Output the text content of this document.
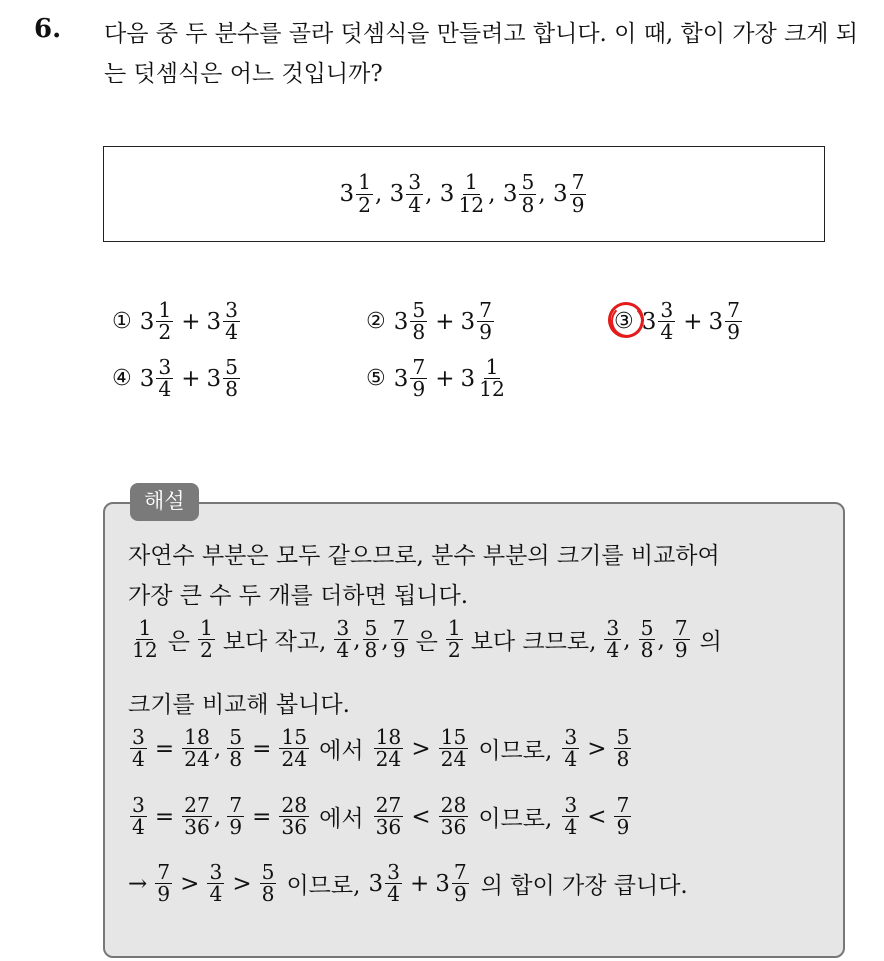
6. 다음 중 두 분수를 골라 덧셈식을 만들려고 합니다. 이 때, 합이 가장 크게 되는 덧셈식은 어느 것입니까?
$3 \frac{1}{2}$ ,
$3 \frac{3}{4}$ ,
$3 \frac{1}{12}$ ,
$3 \frac{5}{8}$ ,
$3 \frac{7}{9}$
① $3 \frac{1}{2} + 3 \frac{3}{4}$	② $3 \frac{5}{8} + 3 \frac{7}{9}$	③ $3 \frac{3}{4} + 3 \frac{7}{9}$
④ $3 \frac{3}{4} + 3 \frac{5}{8}$	⑤ $3 \frac{7}{9} + 3 \frac{1}{12}$
해설
자연수 부분은 모두 같으므로, 분수 부분의 크기를 비교하여
가장 큰 수 두 개를 더하면 됩니다.
$\frac{1}{12}$ 은 $\frac{1}{2}$ 보다 작고, $\frac{3}{4}$ , $\frac{5}{8}$ , $\frac{7}{9}$ 은 $\frac{1}{2}$ 보다 크므로, $\frac{3}{4}$ , $\frac{5}{8}$ , $\frac{7}{9}$ 의
크기를 비교해 봅니다.
$\frac{3}{4} = \frac{18}{24}$ , $\frac{5}{8} = \frac{15}{24}$ 에서 $\frac{18}{24} > \frac{15}{24}$ 이므로, $\frac{3}{4} > \frac{5}{8}$
$\frac{3}{4} = \frac{27}{36}$ , $\frac{7}{9} = \frac{28}{36}$ 에서 $\frac{27}{36} < \frac{28}{36}$ 이므로, $\frac{3}{4} < \frac{7}{9}$
→ $\frac{7}{9} > \frac{3}{4} > \frac{5}{8}$ 이므로, $3 \frac{3}{4} + 3 \frac{7}{9}$ 의 합이 가장 큽니다.
